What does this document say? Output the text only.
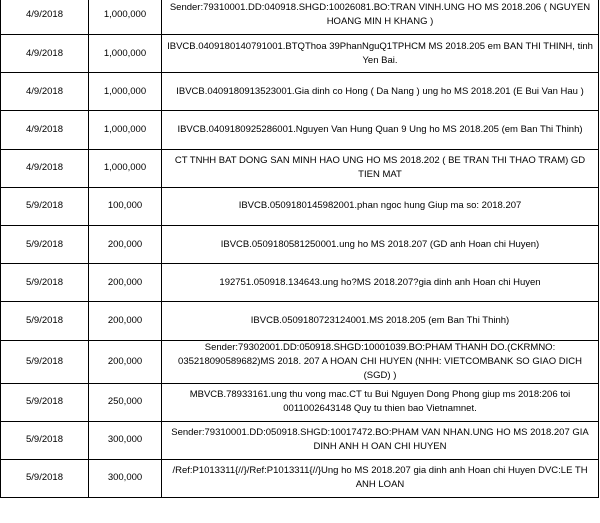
4/9/2018	1,000,000	Sender:79310001.DD:040918.SHGD:10026081.BO:TRAN VINH.UNG HO MS 2018.206 ( NGUYEN HOANG MIN H KHANG )
4/9/2018	1,000,000	IBVCB.0409180140791001.BTQThoa 39PhanNguQ1TPHCM MS 2018.205 em BAN THI THINH, tinh Yen Bai.
4/9/2018	1,000,000	IBVCB.0409180913523001.Gia dinh co Hong ( Da Nang ) ung ho MS 2018.201 (E Bui Van Hau )
4/9/2018	1,000,000	IBVCB.0409180925286001.Nguyen Van Hung Quan 9 Ung ho MS 2018.205 (em Ban Thi Thinh)
4/9/2018	1,000,000	CT TNHH BAT DONG SAN MINH HAO UNG HO MS 2018.202 ( BE TRAN THI THAO TRAM) GD TIEN MAT
5/9/2018	100,000	IBVCB.0509180145982001.phan ngoc hung Giup ma so: 2018.207
5/9/2018	200,000	IBVCB.0509180581250001.ung ho MS 2018.207 (GD anh Hoan chi Huyen)
5/9/2018	200,000	192751.050918.134643.ung ho?MS 2018.207?gia dinh anh Hoan chi Huyen
5/9/2018	200,000	IBVCB.0509180723124001.MS 2018.205 (em Ban Thi Thinh)
5/9/2018	200,000	Sender:79302001.DD:050918.SHGD:10001039.BO:PHAM THANH DO.(CKRMNO: 035218090589682)MS 2018. 207 A HOAN CHI HUYEN (NHH: VIETCOMBANK SO GIAO DICH (SGD) )
5/9/2018	250,000	MBVCB.78933161.ung thu vong mac.CT tu Bui Nguyen Dong Phong giup ms 2018:206 toi 0011002643148 Quy tu thien bao Vietnamnet.
5/9/2018	300,000	Sender:79310001.DD:050918.SHGD:10017472.BO:PHAM VAN NHAN.UNG HO MS 2018.207 GIA DINH ANH H OAN CHI HUYEN
5/9/2018	300,000	/Ref:P1013311{//}/Ref:P1013311{//}Ung ho MS 2018.207 gia dinh anh Hoan chi Huyen DVC:LE TH ANH LOAN
